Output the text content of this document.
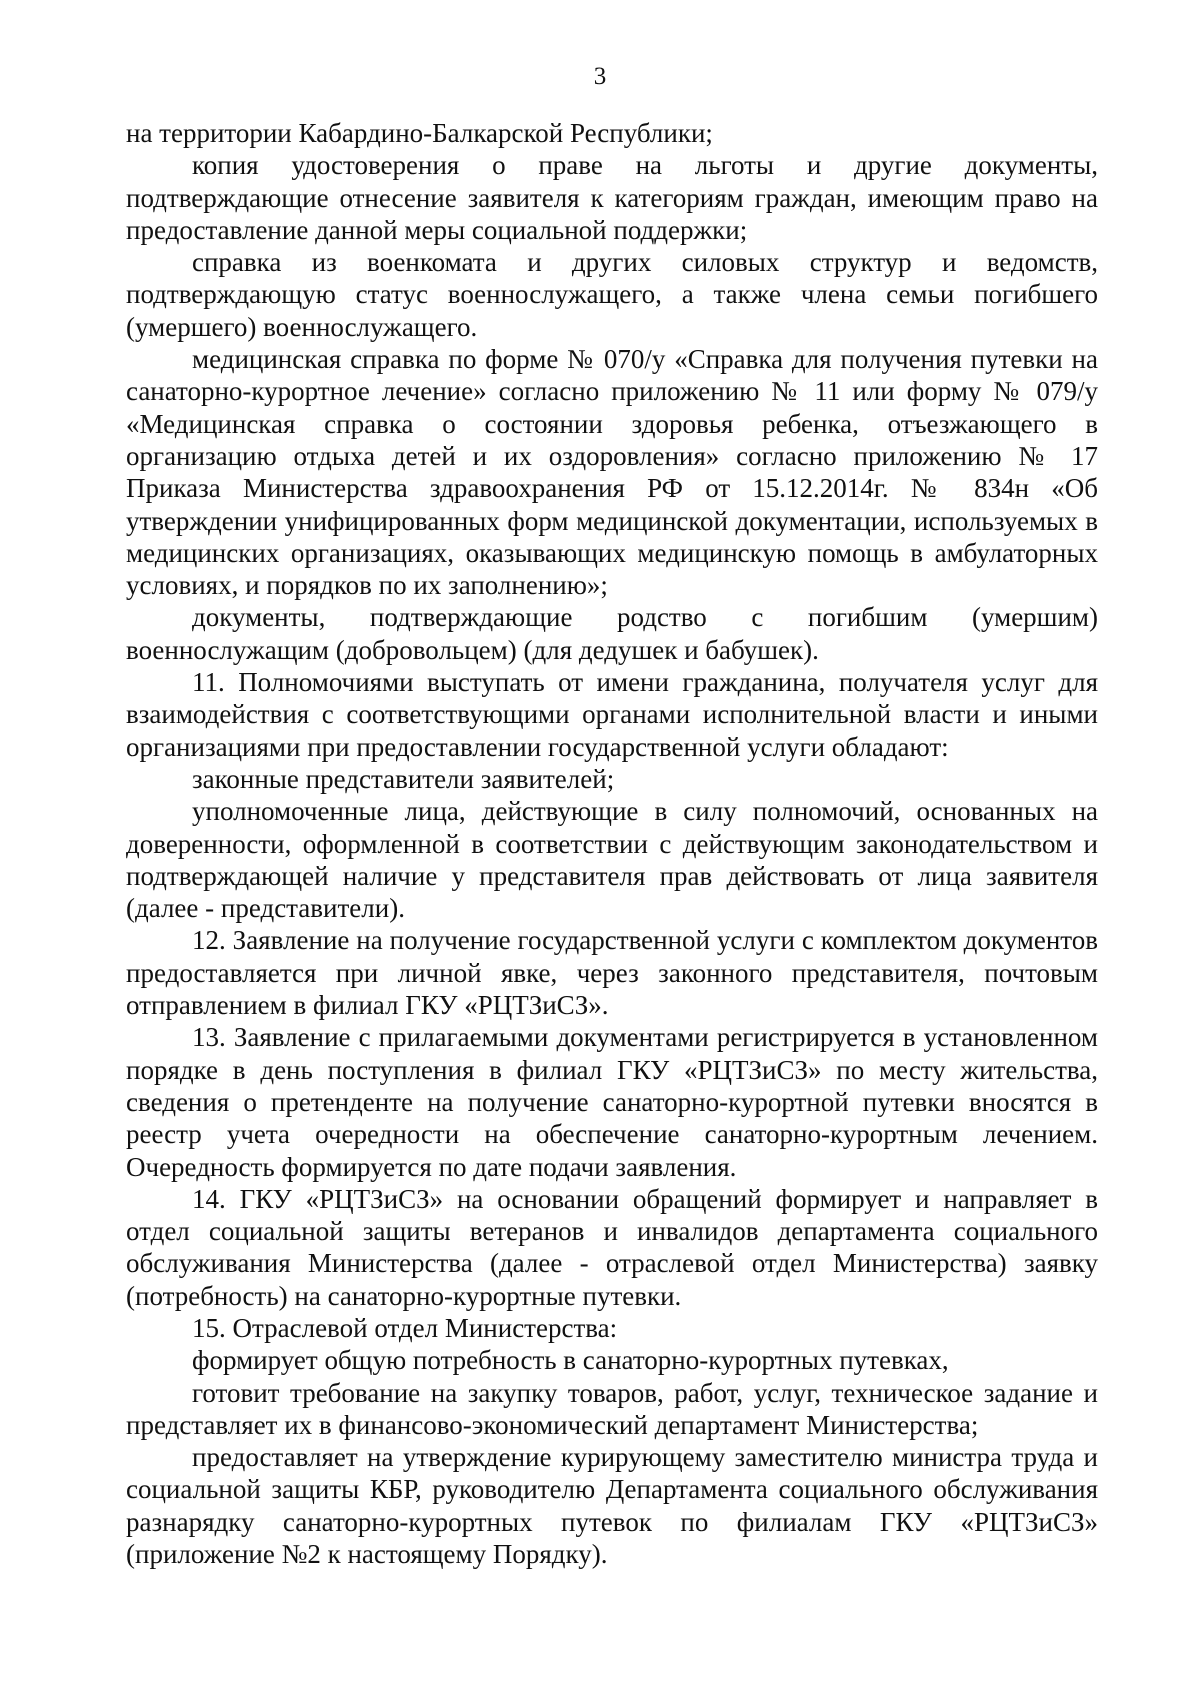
3

на территории Кабардино-Балкарской Республики;

копия удостоверения о праве на льготы и другие документы, подтверждающие отнесение заявителя к категориям граждан, имеющим право на предоставление данной меры социальной поддержки;

справка из военкомата и других силовых структур и ведомств, подтверждающую статус военнослужащего, а также члена семьи погибшего (умершего) военнослужащего.

медицинская справка по форме № 070/у «Справка для получения путевки на санаторно-курортное лечение» согласно приложению № 11 или форму № 079/у «Медицинская справка о состоянии здоровья ребенка, отъезжающего в организацию отдыха детей и их оздоровления» согласно приложению № 17 Приказа Министерства здравоохранения РФ от 15.12.2014г. № 834н «Об утверждении унифицированных форм медицинской документации, используемых в медицинских организациях, оказывающих медицинскую помощь в амбулаторных условиях, и порядков по их заполнению»;

документы, подтверждающие родство с погибшим (умершим) военнослужащим (добровольцем) (для дедушек и бабушек).

11. Полномочиями выступать от имени гражданина, получателя услуг для взаимодействия с соответствующими органами исполнительной власти и иными организациями при предоставлении государственной услуги обладают:

законные представители заявителей;

уполномоченные лица, действующие в силу полномочий, основанных на доверенности, оформленной в соответствии с действующим законодательством и подтверждающей наличие у представителя прав действовать от лица заявителя (далее - представители).

12. Заявление на получение государственной услуги с комплектом документов предоставляется при личной явке, через законного представителя, почтовым отправлением в филиал ГКУ «РЦТЗиСЗ».

13. Заявление с прилагаемыми документами регистрируется в установленном порядке в день поступления в филиал ГКУ «РЦТЗиСЗ» по месту жительства, сведения о претенденте на получение санаторно-курортной путевки вносятся в реестр учета очередности на обеспечение санаторно-курортным лечением. Очередность формируется по дате подачи заявления.

14. ГКУ «РЦТЗиСЗ» на основании обращений формирует и направляет в отдел социальной защиты ветеранов и инвалидов департамента социального обслуживания Министерства (далее - отраслевой отдел Министерства) заявку (потребность) на санаторно-курортные путевки.

15. Отраслевой отдел Министерства:

формирует общую потребность в санаторно-курортных путевках,

готовит требование на закупку товаров, работ, услуг, техническое задание и представляет их в финансово-экономический департамент Министерства;

предоставляет на утверждение курирующему заместителю министра труда и социальной защиты КБР, руководителю Департамента социального обслуживания разнарядку санаторно-курортных путевок по филиалам ГКУ «РЦТЗиСЗ» (приложение №2 к настоящему Порядку).
